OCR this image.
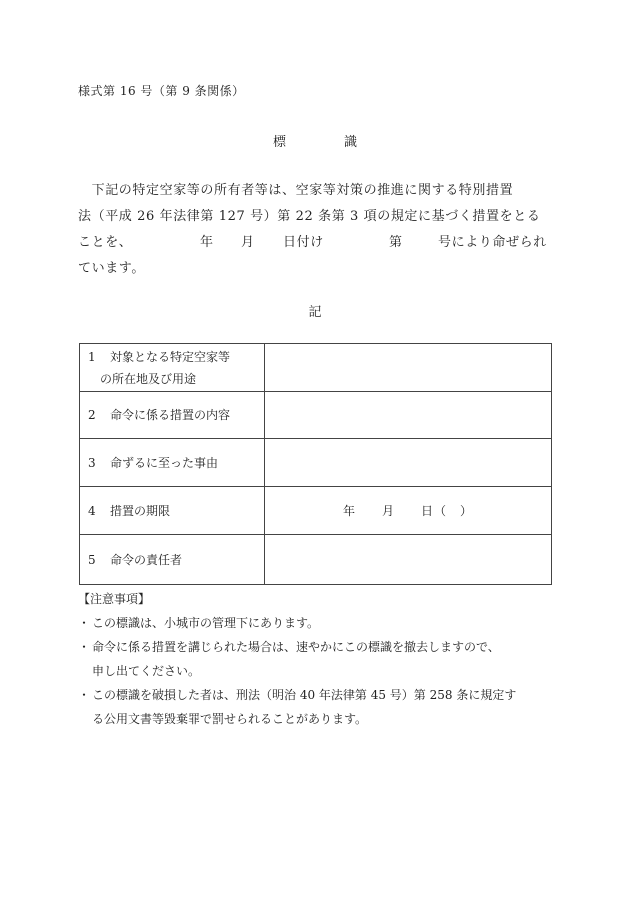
様式第 16 号（第 9 条関係）
標	識
　下記の特定空家等の所有者等は、空家等対策の推進に関する特別措置
法（平成 26 年法律第 127 号）第 22 条第 3 項の規定に基づく措置をとる

ことを、

	年

月

日付け

	第

	号により命ぜられ

ています。
記
1 対象となる特定空家等
の所在地及び用途	

2 命令に係る措置の内容	
3 命ずるに至った事由	
4 措置の期限	年　　月　　日（　）
5 命令の責任者	
【注意事項】
・ この標識は、小城市の管理下にあります。
・ 命令に係る措置を講じられた場合は、速やかにこの標識を撤去しますので、
申し出てください。
・ この標識を破損した者は、刑法（明治 40 年法律第 45 号）第 258 条に規定す
る公用文書等毀棄罪で罰せられることがあります。
